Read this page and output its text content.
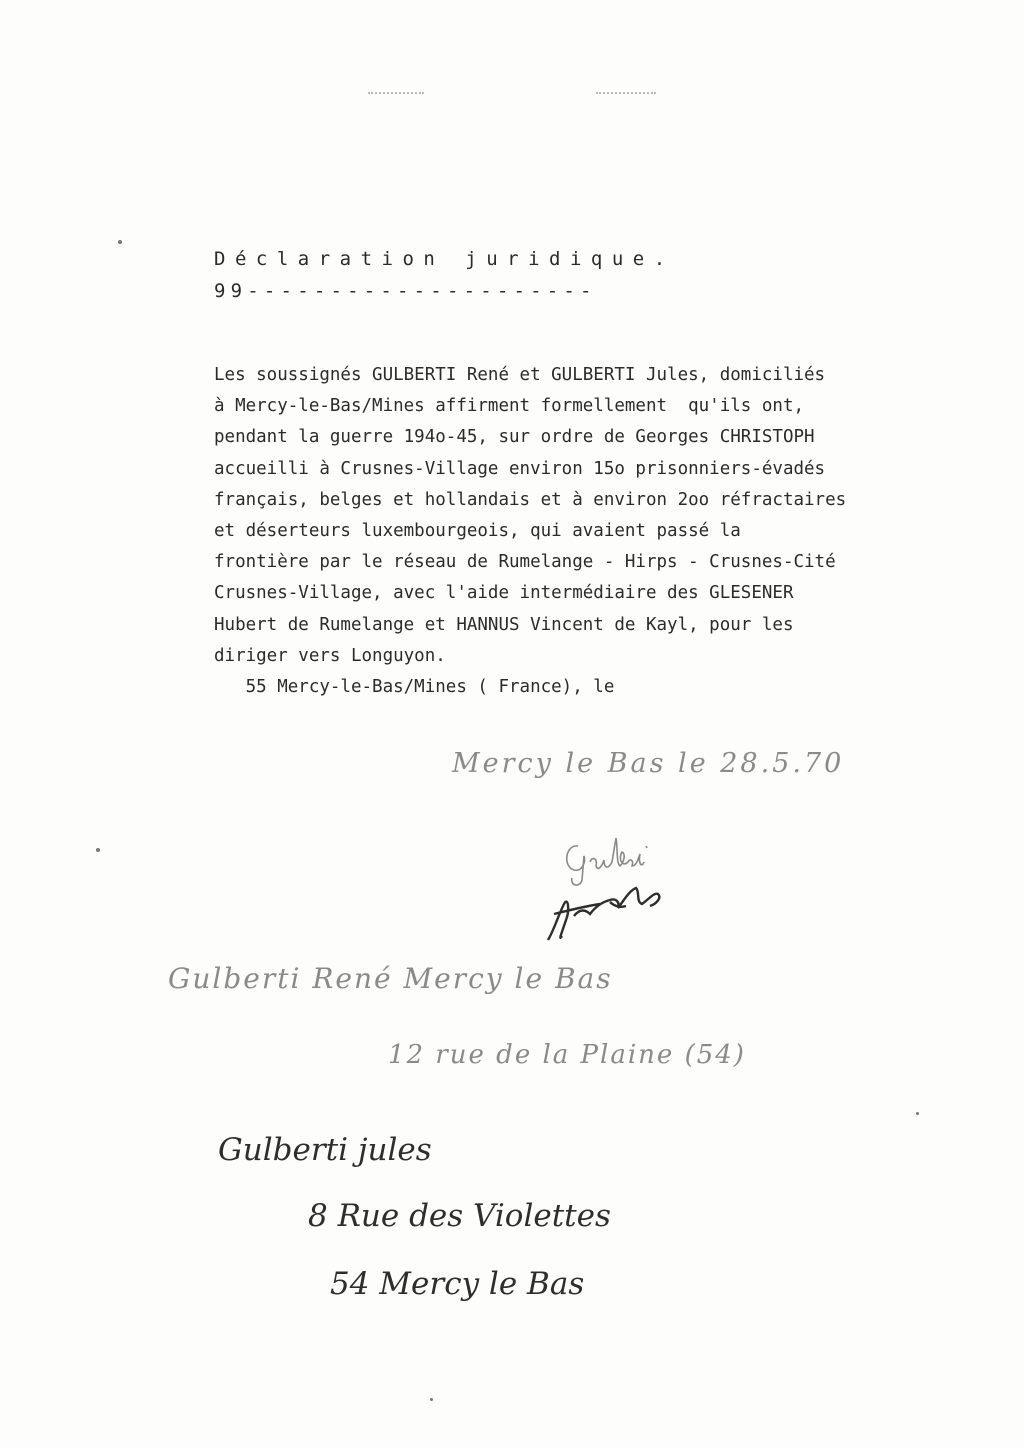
Déclaration juridique.
99---------------------
Les soussignés GULBERTI René et GULBERTI Jules, domiciliés
à Mercy-le-Bas/Mines affirment formellement  qu'ils ont,
pendant la guerre 194o-45, sur ordre de Georges CHRISTOPH
accueilli à Crusnes-Village environ 15o prisonniers-évadés
français, belges et hollandais et à environ 2oo réfractaires
et déserteurs luxembourgeois, qui avaient passé la
frontière par le réseau de Rumelange - Hirps - Crusnes-Cité
Crusnes-Village, avec l'aide intermédiaire des GLESENER
Hubert de Rumelange et HANNUS Vincent de Kayl, pour les
diriger vers Longuyon.
55 Mercy-le-Bas/Mines ( France), le
Mercy le Bas le 28.5.70
Gulberti René Mercy le Bas
12 rue de la Plaine (54)
Gulberti jules
8 Rue des Violettes
54 Mercy le Bas
